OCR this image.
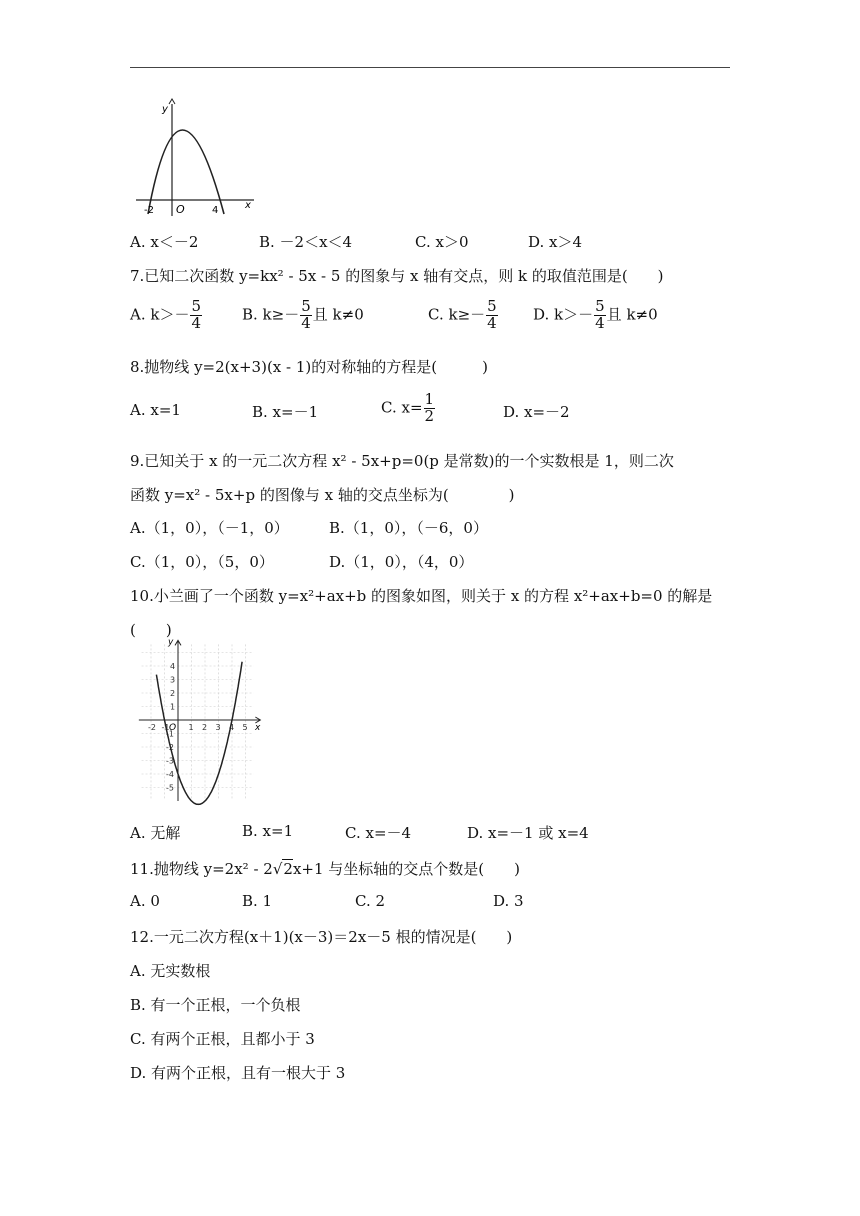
y
x
O
-2	4
A. x＜－2	B. －2＜x＜4	C. x＞0	D. x＞4
7.已知二次函数 y=kx² - 5x - 5 的图象与 x 轴有交点，则 k 的取值范围是(　　)
A. $k>- \frac{5}{4}$	B. $k\ge- \frac{5}{4}$ 且 k≠0	C. $k\ge- \frac{5}{4} D$. $k>- \frac{5}{4}$ 且 k≠0
8.抛物线 y=2(x+3)(x - 1)的对称轴的方程是(　　　)
A. x=1	B. x=－1	C. $x= \frac{1}{2}$	D. x=－2
9.已知关于 x 的一元二次方程 x² - 5x+p=0(p 是常数)的一个实数根是 1，则二次
函数 y=x² - 5x+p 的图像与 x 轴的交点坐标为(　　　　)
A.（1，0），（－1，0）	B.（1，0），（－6，0）
C.（1，0），（5，0）	D.（1，0），（4，0）
10.小兰画了一个函数 y=x²+ax+b 的图象如图，则关于 x 的方程 x²+ax+b=0 的解是
(　　)
-2 -1 1 2 3 4 5
4
3
2
1
-1
-2
-3
-4
-5
x
y
O
A. 无解	B. x=1	C. x=－4	D. x=－1 或 x=4
11.抛物线 y=2x² - 2√2x+1 与坐标轴的交点个数是(　　)
A. 0	B. 1	C. 2	D. 3
12.一元二次方程(x＋1)(x－3)＝2x－5 根的情况是(　　)
A. 无实数根
B. 有一个正根，一个负根
C. 有两个正根，且都小于 3
D. 有两个正根，且有一根大于 3
